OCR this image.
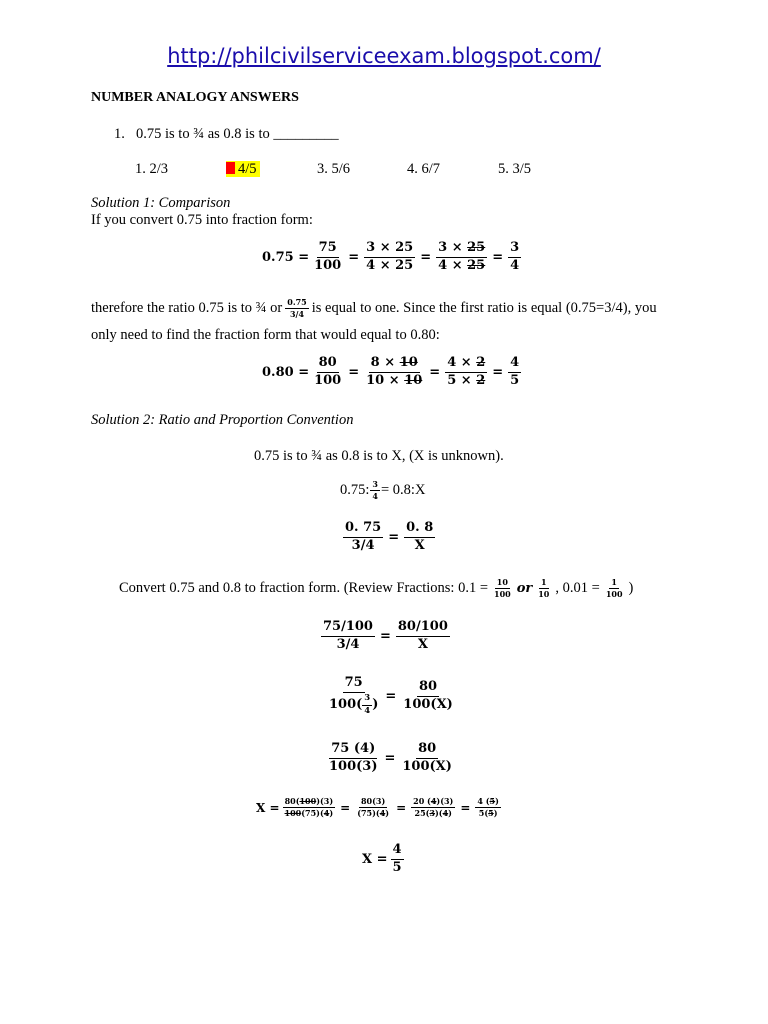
http://philcivilserviceexam.blogspot.com/
NUMBER ANALOGY ANSWERS
1. 0.75 is to ¾ as 0.8 is to _________
1. 2/3	4/5	3. 5/6	4. 6/7	5. 3/5
Solution 1: Comparison
If you convert 0.75 into fraction form:
$0.75 = \frac{75}{100} = \frac{3 \times 25}{4 \times 25} = \frac{3 \times 25}{4 \times 25} = \frac{3}{4}$
therefore the ratio 0.75 is to ¾ or $\frac{0.75}{3/4}$ is equal to one. Since the first ratio is equal (0.75=3/4), you
only need to find the fraction form that would equal to 0.80:
$0.80 = \frac{80}{100} = \frac{8 \times 10}{10 \times 10} = \frac{4 \times 2}{5 \times 2} = \frac{4}{5}$
Solution 2: Ratio and Proportion Convention
0.75 is to ¾ as 0.8 is to X, (X is unknown).
0.75: $\frac{3}{4}$ = 0.8:X
$\frac{0. 75}{3/4} = \frac{0. 8}{X}$
Convert 0.75 and 0.8 to fraction form. (Review Fractions: $0.1 = \frac{10}{100}$ or $\frac{1}{10}$ , $0.01 = \frac{1}{100}$ )
$\frac{75/100}{3/4} = \frac{80/100}{X}$
$\frac{75}{100( \frac{3}{4} )} = \frac{80}{100(X)}$
$\frac{75 (4)}{100(3)} = \frac{80}{100(X)}$
$X = \frac{80(100)(3)}{100(75)(4)} = \frac{80(3)}{(75)(4)} = \frac{20 (4)(3)}{25(3)(4)} = \frac{4 (5)}{5(5)}$
$X = \frac{4}{5}$
